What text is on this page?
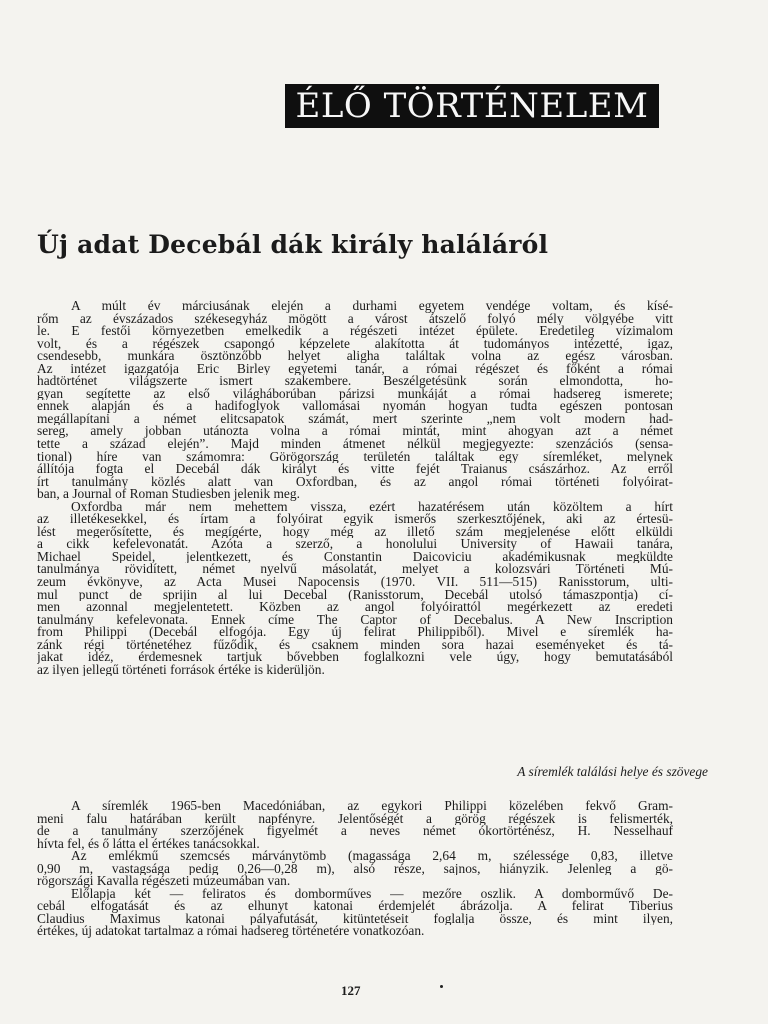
ÉLŐ TÖRTÉNELEM
Új adat Decebál dák király haláláról
A múlt év márciusának elején a durhami egyetem vendége voltam, és kísé-
rőm az évszázados székesegyház mögött a várost átszelő folyó mély völgyébe vitt
le. E festői környezetben emelkedik a régészeti intézet épülete. Eredetileg vízimalom
volt, és a régészek csapongó képzelete alakította át tudományos intézetté, igaz,
csendesebb, munkára ösztönzőbb helyet aligha találtak volna az egész városban.
Az intézet igazgatója Eric Birley egyetemi tanár, a római régészet és főként a római
hadtörténet világszerte ismert szakembere. Beszélgetésünk során elmondotta, ho-
gyan segítette az első világháborúban párizsi munkáját a római hadsereg ismerete;
ennek alapján és a hadifoglyok vallomásai nyomán hogyan tudta egészen pontosan
megállapítani a német elitcsapatok számát, mert szerinte „nem volt modern had-
sereg, amely jobban utánozta volna a római mintát, mint ahogyan azt a német
tette a század elején”. Majd minden átmenet nélkül megjegyezte: szenzációs (sensa-
tional) híre van számomra: Görögország területén találtak egy síremléket, melynek
állítója fogta el Decebál dák királyt és vitte fejét Traianus császárhoz. Az erről
írt tanulmány közlés alatt van Oxfordban, és az angol római történeti folyóirat-
ban, a Journal of Roman Studiesben jelenik meg.
Oxfordba már nem mehettem vissza, ezért hazatérésem után közöltem a hírt
az illetékesekkel, és írtam a folyóirat egyik ismerős szerkesztőjének, aki az értesü-
lést megerősítette, és megígérte, hogy még az illető szám megjelenése előtt elküldi
a cikk kefelevonatát. Azóta a szerző, a honolului University of Hawaii tanára,
Michael Speidel, jelentkezett, és Constantin Daicoviciu akadémikusnak megküldte
tanulmánya rövidített, német nyelvű másolatát, melyet a kolozsvári Történeti Mú-
zeum évkönyve, az Acta Musei Napocensis (1970. VII. 511—515) Ranisstorum, ulti-
mul punct de sprijin al lui Decebal (Ranisstorum, Decebál utolsó támaszpontja) cí-
men azonnal megjelentetett. Közben az angol folyóirattól megérkezett az eredeti
tanulmány kefelevonata. Ennek címe The Captor of Decebalus. A New Inscription
from Philippi (Decebál elfogója. Egy új felirat Philippiből). Mivel e síremlék ha-
zánk régi történetéhez fűződik, és csaknem minden sora hazai eseményeket és tá-
jakat idéz, érdemesnek tartjuk bővebben foglalkozni vele úgy, hogy bemutatásából
az ilyen jellegű történeti források értéke is kiderüljön.
A síremlék találási helye és szövege
A síremlék 1965-ben Macedóniában, az egykori Philippi közelében fekvő Gram-
meni falu határában került napfényre. Jelentőségét a görög régészek is felismerték,
de a tanulmány szerzőjének figyelmét a neves német ókortörténész, H. Nesselhauf
hívta fel, és ő látta el értékes tanácsokkal.
Az emlékmű szemcsés márványtömb (magassága 2,64 m, szélessége 0,83, illetve
0,90 m, vastagsága pedig 0,26—0,28 m), alsó része, sajnos, hiányzik. Jelenleg a gö-
rögországi Kavalla régészeti múzeumában van.
Előlapja két — feliratos és domborműves — mezőre oszlik. A domborművő De-
cebál elfogatását és az elhunyt katonai érdemjelét ábrázolja. A felirat Tiberius
Claudius Maximus katonai pályafutását, kitüntetéseit foglalja össze, és mint ilyen,
értékes, új adatokat tartalmaz a római hadsereg történetére vonatkozóan.
127
